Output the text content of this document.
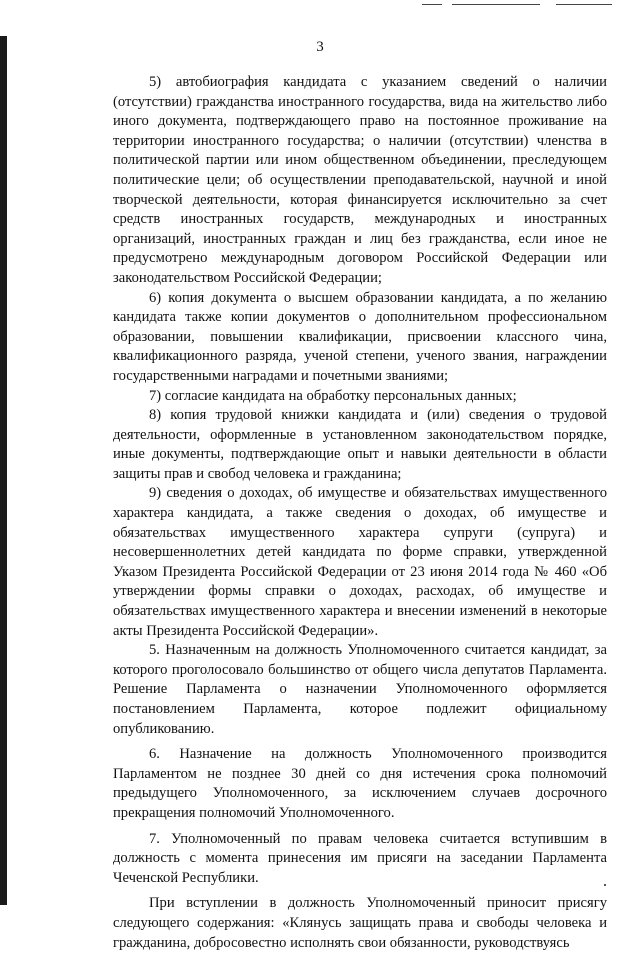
3

5) автобиография кандидата с указанием сведений о наличии (отсутствии) гражданства иностранного государства, вида на жительство либо иного документа, подтверждающего право на постоянное проживание на территории иностранного государства; о наличии (отсутствии) членства в политической партии или ином общественном объединении, преследующем политические цели; об осуществлении преподавательской, научной и иной творческой деятельности, которая финансируется исключительно за счет средств иностранных государств, международных и иностранных организаций, иностранных граждан и лиц без гражданства, если иное не предусмотрено международным договором Российской Федерации или законодательством Российской Федерации;

6) копия документа о высшем образовании кандидата, а по желанию кандидата также копии документов о дополнительном профессиональном образовании, повышении квалификации, присвоении классного чина, квалификационного разряда, ученой степени, ученого звания, награждении государственными наградами и почетными званиями;

7) согласие кандидата на обработку персональных данных;

8) копия трудовой книжки кандидата и (или) сведения о трудовой деятельности, оформленные в установленном законодательством порядке, иные документы, подтверждающие опыт и навыки деятельности в области защиты прав и свобод человека и гражданина;

9) сведения о доходах, об имуществе и обязательствах имущественного характера кандидата, а также сведения о доходах, об имуществе и обязательствах имущественного характера супруги (супруга) и несовершеннолетних детей кандидата по форме справки, утвержденной Указом Президента Российской Федерации от 23 июня 2014 года № 460 «Об утверждении формы справки о доходах, расходах, об имуществе и обязательствах имущественного характера и внесении изменений в некоторые акты Президента Российской Федерации».

5. Назначенным на должность Уполномоченного считается кандидат, за которого проголосовало большинство от общего числа депутатов Парламента. Решение Парламента о назначении Уполномоченного оформляется постановлением Парламента, которое подлежит официальному опубликованию.

6. Назначение на должность Уполномоченного производится Парламентом не позднее 30 дней со дня истечения срока полномочий предыдущего Уполномоченного, за исключением случаев досрочного прекращения полномочий Уполномоченного.

7. Уполномоченный по правам человека считается вступившим в должность с момента принесения им присяги на заседании Парламента Чеченской Республики.

При вступлении в должность Уполномоченный приносит присягу следующего содержания: «Клянусь защищать права и свободы человека и гражданина, добросовестно исполнять свои обязанности, руководствуясь
